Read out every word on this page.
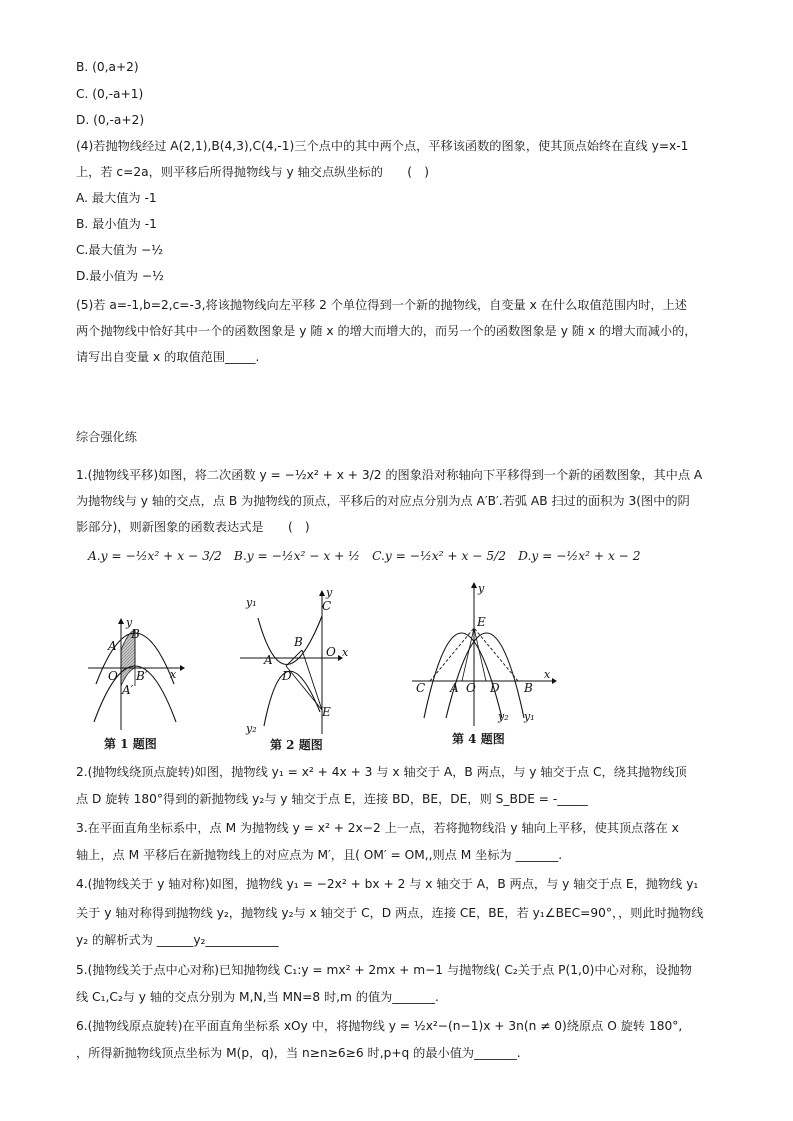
B. (0,a+2)
C. (0,-a+1)
D. (0,-a+2)
(4)若抛物线经过 A(2,1),B(4,3),C(4,-1)三个点中的其中两个点，平移该函数的图象，使其顶点始终在直线 y=x-1
上，若 c=2a，则平移后所得抛物线与 y 轴交点纵坐标的　　(　)
A. 最大值为 -1
B. 最小值为 -1
C.最大值为 −½
D.最小值为 −½
(5)若 a=-1,b=2,c=-3,将该抛物线向左平移 2 个单位得到一个新的抛物线，自变量 x 在什么取值范围内时，上述
两个抛物线中恰好其中一个的函数图象是 y 随 x 的增大而增大的，而另一个的函数图象是 y 随 x 的增大而减小的，
请写出自变量 x 的取值范围_____.
综合强化练
1.(抛物线平移)如图，将二次函数 y = −½x² + x + 3/2 的图象沿对称轴向下平移得到一个新的函数图象，其中点 A
为抛物线与 y 轴的交点，点 B 为抛物线的顶点，平移后的对应点分别为点 A′B′.若弧 AB 扫过的面积为 3(图中的阴
影部分)，则新图象的函数表达式是　　(　)
A.y = −½x² + x − 3/2　B.y = −½x² − x + ½　C.y = −½x² + x − 5/2　D.y = −½x² + x − 2
y
x
A
B
O B′
A′
第 1 题图
y₁
y
C
B
A
O x
D
y₂
E
第 2 题图
y
E
C A O D B
x
y₂ y₁
第 4 题图
2.(抛物线绕顶点旋转)如图，抛物线 y₁ = x² + 4x + 3 与 x 轴交于 A，B 两点，与 y 轴交于点 C，绕其抛物线顶
点 D 旋转 180°得到的新抛物线 y₂与 y 轴交于点 E，连接 BD，BE，DE，则 S_BDE = -_____
3.在平面直角坐标系中，点 M 为抛物线 y = x² + 2x−2 上一点，若将抛物线沿 y 轴向上平移，使其顶点落在 x
轴上，点 M 平移后在新抛物线上的对应点为 M′，且( OM′ = OM,,则点 M 坐标为 _______.
4.(抛物线关于 y 轴对称)如图，抛物线 y₁ = −2x² + bx + 2 与 x 轴交于 A，B 两点，与 y 轴交于点 E，抛物线 y₁
关于 y 轴对称得到抛物线 y₂，抛物线 y₂与 x 轴交于 C，D 两点，连接 CE，BE，若 y₁∠BEC=90°，，则此时抛物线
y₂ 的解析式为 ______y₂____________
5.(抛物线关于点中心对称)已知抛物线 C₁:y = mx² + 2mx + m−1 与抛物线( C₂关于点 P(1,0)中心对称，设抛物
线 C₁,C₂与 y 轴的交点分别为 M,N,当 MN=8 时,m 的值为_______.
6.(抛物线原点旋转)在平面直角坐标系 xOy 中，将抛物线 y = ½x²−(n−1)x + 3n(n ≠ 0)绕原点 O 旋转 180°,
，所得新抛物线顶点坐标为 M(p，q)，当 n≥n≥6≥6 时,p+q 的最小值为_______.
